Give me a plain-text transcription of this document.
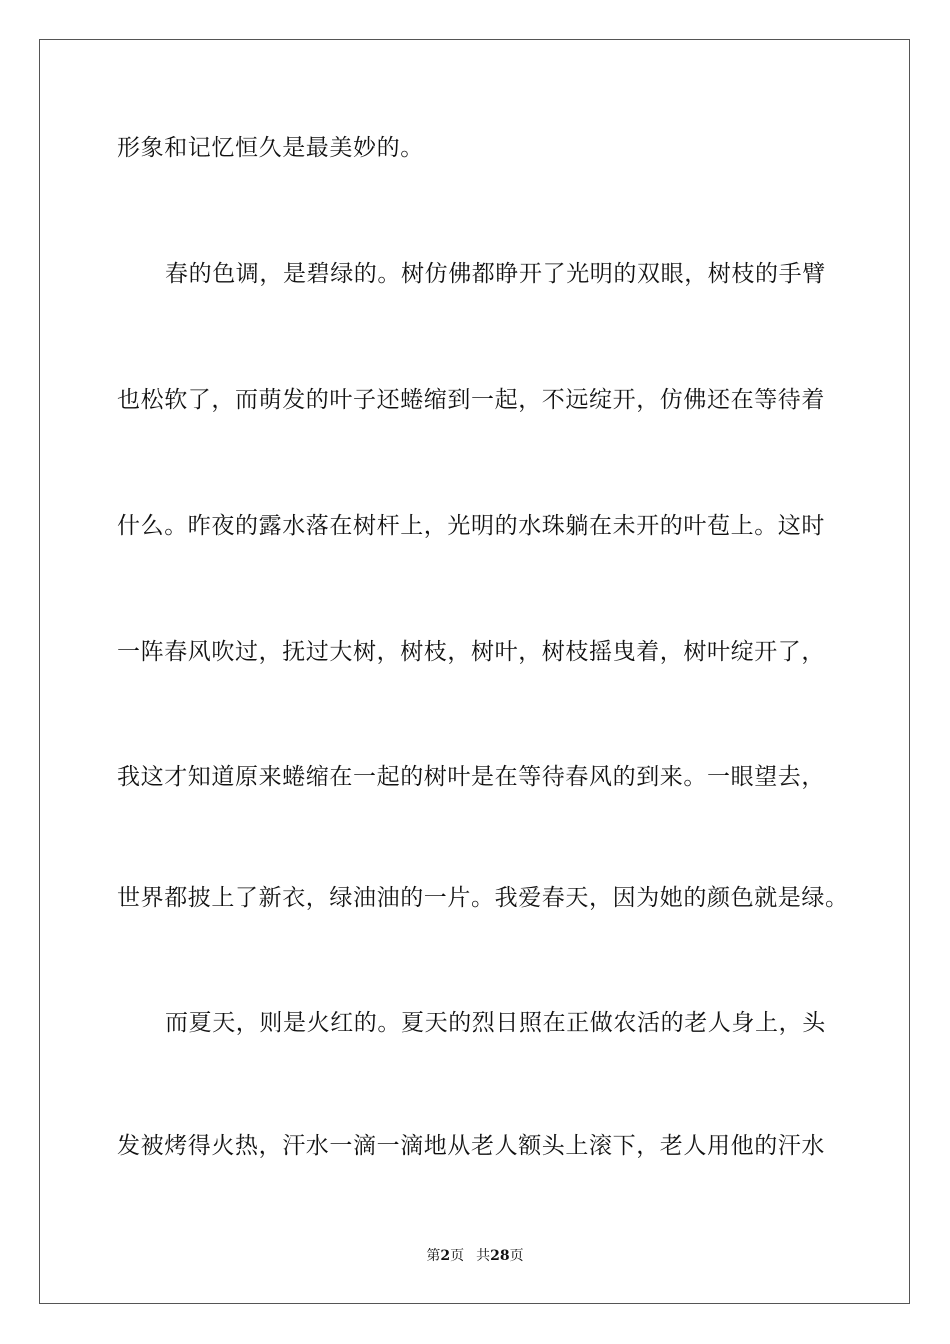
形象和记忆恒久是最美妙的。
春的色调，是碧绿的。树仿佛都睁开了光明的双眼，树枝的手臂
也松软了，而萌发的叶子还蜷缩到一起，不远绽开，仿佛还在等待着
什么。昨夜的露水落在树杆上，光明的水珠躺在未开的叶苞上。这时
一阵春风吹过，抚过大树，树枝，树叶，树枝摇曳着，树叶绽开了，
我这才知道原来蜷缩在一起的树叶是在等待春风的到来。一眼望去，
世界都披上了新衣，绿油油的一片。我爱春天，因为她的颜色就是绿。
而夏天，则是火红的。夏天的烈日照在正做农活的老人身上，头
发被烤得火热，汗水一滴一滴地从老人额头上滚下，老人用他的汗水
第2页 共28页
